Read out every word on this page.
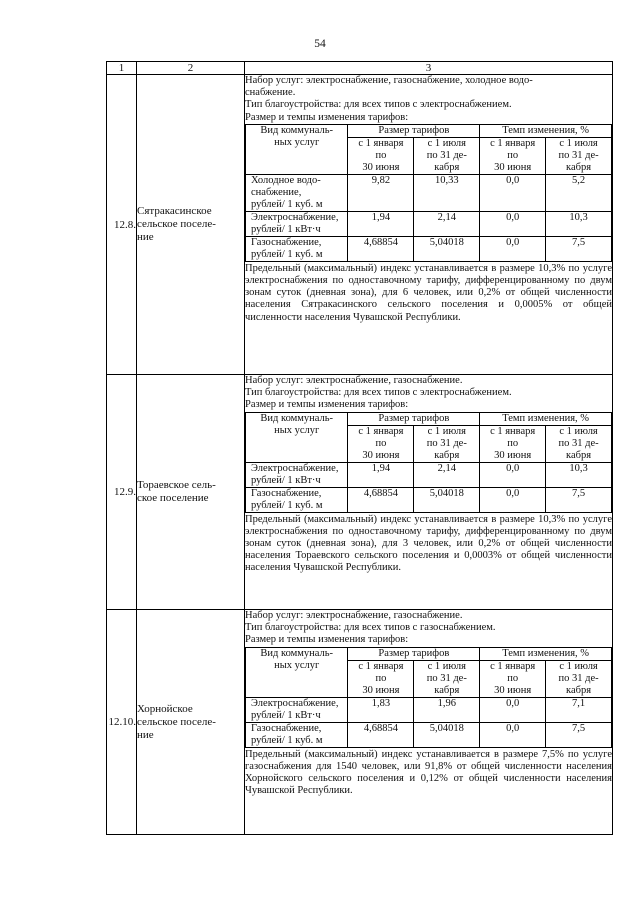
54
1	2	3
12.8.	Сятракасинское
сельское поселе-
ние	
Набор услуг: электроснабжение, газоснабжение, холодное водо-
снабжение.
Тип благоустройства: для всех типов с электроснабжением.
Размер и темпы изменения тарифов:
Вид коммуналь-
ных услуг	Размер тарифов	Темп изменения, %
с 1 января
по
30 июня	с 1 июля
по 31 де-
кабря	с 1 января
по
30 июня	с 1 июля
по 31 де-
кабря
Холодное водо-
снабжение,
рублей/ 1 куб. м	9,82	10,33	0,0	5,2
Электроснабжение,
рублей/ 1 кВт·ч	1,94	2,14	0,0	10,3
Газоснабжение,
рублей/ 1 куб. м	4,68854	5,04018	0,0	7,5
Предельный (максимальный) индекс устанавливается в размере 10,3% по услуге электроснабжения по одноставочному тарифу, дифференцированному по двум зонам суток (дневная зона), для 6 человек, или 0,2% от общей численности населения Сятракасинского сельского поселения и 0,0005% от общей численности населения Чувашской Республики.

12.9.	Тораевское сель-
ское поселение	
Набор услуг: электроснабжение, газоснабжение.
Тип благоустройства: для всех типов с электроснабжением.
Размер и темпы изменения тарифов:
Вид коммуналь-
ных услуг	Размер тарифов	Темп изменения, %
с 1 января
по
30 июня	с 1 июля
по 31 де-
кабря	с 1 января
по
30 июня	с 1 июля
по 31 де-
кабря
Электроснабжение,
рублей/ 1 кВт·ч	1,94	2,14	0,0	10,3
Газоснабжение,
рублей/ 1 куб. м	4,68854	5,04018	0,0	7,5
Предельный (максимальный) индекс устанавливается в размере 10,3% по услуге электроснабжения по одноставочному тарифу, дифференцированному по двум зонам суток (дневная зона), для 3 человек, или 0,2% от общей численности населения Тораевского сельского поселения и 0,0003% от общей численности населения Чувашской Республики.

12.10.	Хорнойское
сельское поселе-
ние	
Набор услуг: электроснабжение, газоснабжение.
Тип благоустройства: для всех типов с газоснабжением.
Размер и темпы изменения тарифов:
Вид коммуналь-
ных услуг	Размер тарифов	Темп изменения, %
с 1 января
по
30 июня	с 1 июля
по 31 де-
кабря	с 1 января
по
30 июня	с 1 июля
по 31 де-
кабря
Электроснабжение,
рублей/ 1 кВт·ч	1,83	1,96	0,0	7,1
Газоснабжение,
рублей/ 1 куб. м	4,68854	5,04018	0,0	7,5
Предельный (максимальный) индекс устанавливается в размере 7,5% по услуге газоснабжения для 1540 человек, или 91,8% от общей численности населения Хорнойского сельского поселения и 0,12% от общей численности населения Чувашской Республики.
